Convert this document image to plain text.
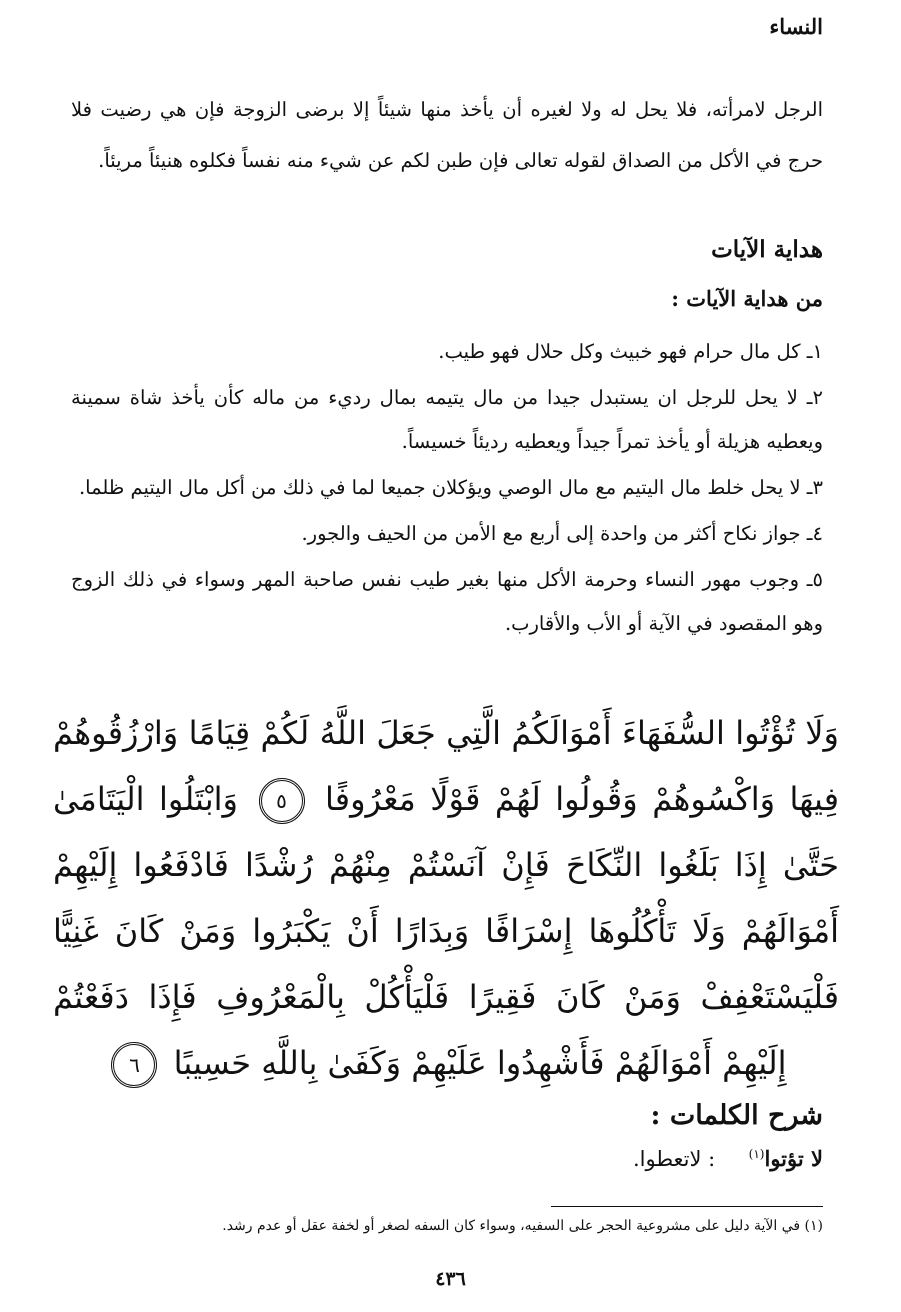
النساء

الرجل لامرأته، فلا يحل له ولا لغيره أن يأخذ منها شيئاً إلا برضى الزوجة فإن هي رضيت فلا حرج في الأكل من الصداق لقوله تعالى فإن طبن لكم عن شيء منه نفساً فكلوه هنيئاً مريئاً.

هداية الآيات
من هداية الآيات :
١ـ كل مال حرام فهو خبيث وكل حلال فهو طيب.
٢ـ لا يحل للرجل ان يستبدل جيدا من مال يتيمه بمال رديء من ماله كأن يأخذ شاة سمينة ويعطيه هزيلة أو يأخذ تمراً جيداً ويعطيه رديئاً خسيساً.
٣ـ لا يحل خلط مال اليتيم مع مال الوصي ويؤكلان جميعا لما في ذلك من أكل مال اليتيم ظلما.
٤ـ جواز نكاح أكثر من واحدة إلى أربع مع الأمن من الحيف والجور.
٥ـ وجوب مهور النساء وحرمة الأكل منها بغير طيب نفس صاحبة المهر وسواء في ذلك الزوج وهو المقصود في الآية أو الأب والأقارب.
وَلَا تُؤْتُوا السُّفَهَاءَ أَمْوَالَكُمُ الَّتِي جَعَلَ اللَّهُ لَكُمْ قِيَامًا وَارْزُقُوهُمْ فِيهَا وَاكْسُوهُمْ وَقُولُوا لَهُمْ قَوْلًا مَعْرُوفًا ٥ وَابْتَلُوا الْيَتَامَىٰ حَتَّىٰ إِذَا بَلَغُوا النِّكَاحَ فَإِنْ آنَسْتُمْ مِنْهُمْ رُشْدًا فَادْفَعُوا إِلَيْهِمْ أَمْوَالَهُمْ وَلَا تَأْكُلُوهَا إِسْرَافًا وَبِدَارًا أَنْ يَكْبَرُوا وَمَنْ كَانَ غَنِيًّا فَلْيَسْتَعْفِفْ وَمَنْ كَانَ فَقِيرًا فَلْيَأْكُلْ بِالْمَعْرُوفِ فَإِذَا دَفَعْتُمْ إِلَيْهِمْ أَمْوَالَهُمْ فَأَشْهِدُوا عَلَيْهِمْ وَكَفَىٰ بِاللَّهِ حَسِيبًا ٦
شرح الكلمات :
لا تؤتوا$^{(١)}$     : لاتعطوا.
(١) في الآية دليل على مشروعية الحجر على السفيه، وسواء كان السفه لصغر أو لخفة عقل أو عدم رشد.
٤٣٦
